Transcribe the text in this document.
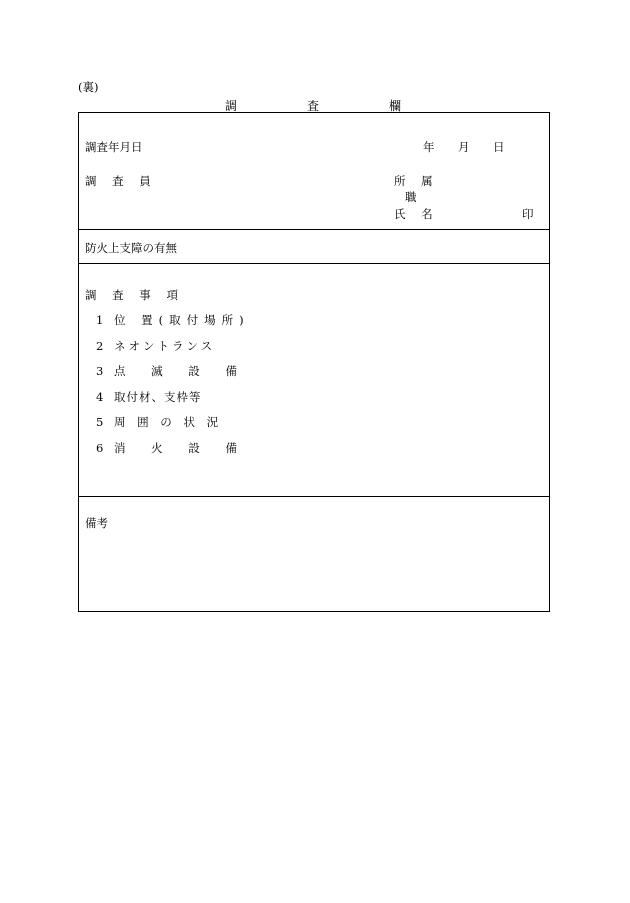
(裏)
調	査	欄
調査年月日	年 月 日
調 査 員	所 属
職
氏 名	印
防火上支障の有無
調 査 事 項
1 位 置(取付場所)
2 ネオントランス
3 点 滅 設 備
4 取付材、支枠等
5 周 囲 の 状 況
6 消 火 設 備
備考
